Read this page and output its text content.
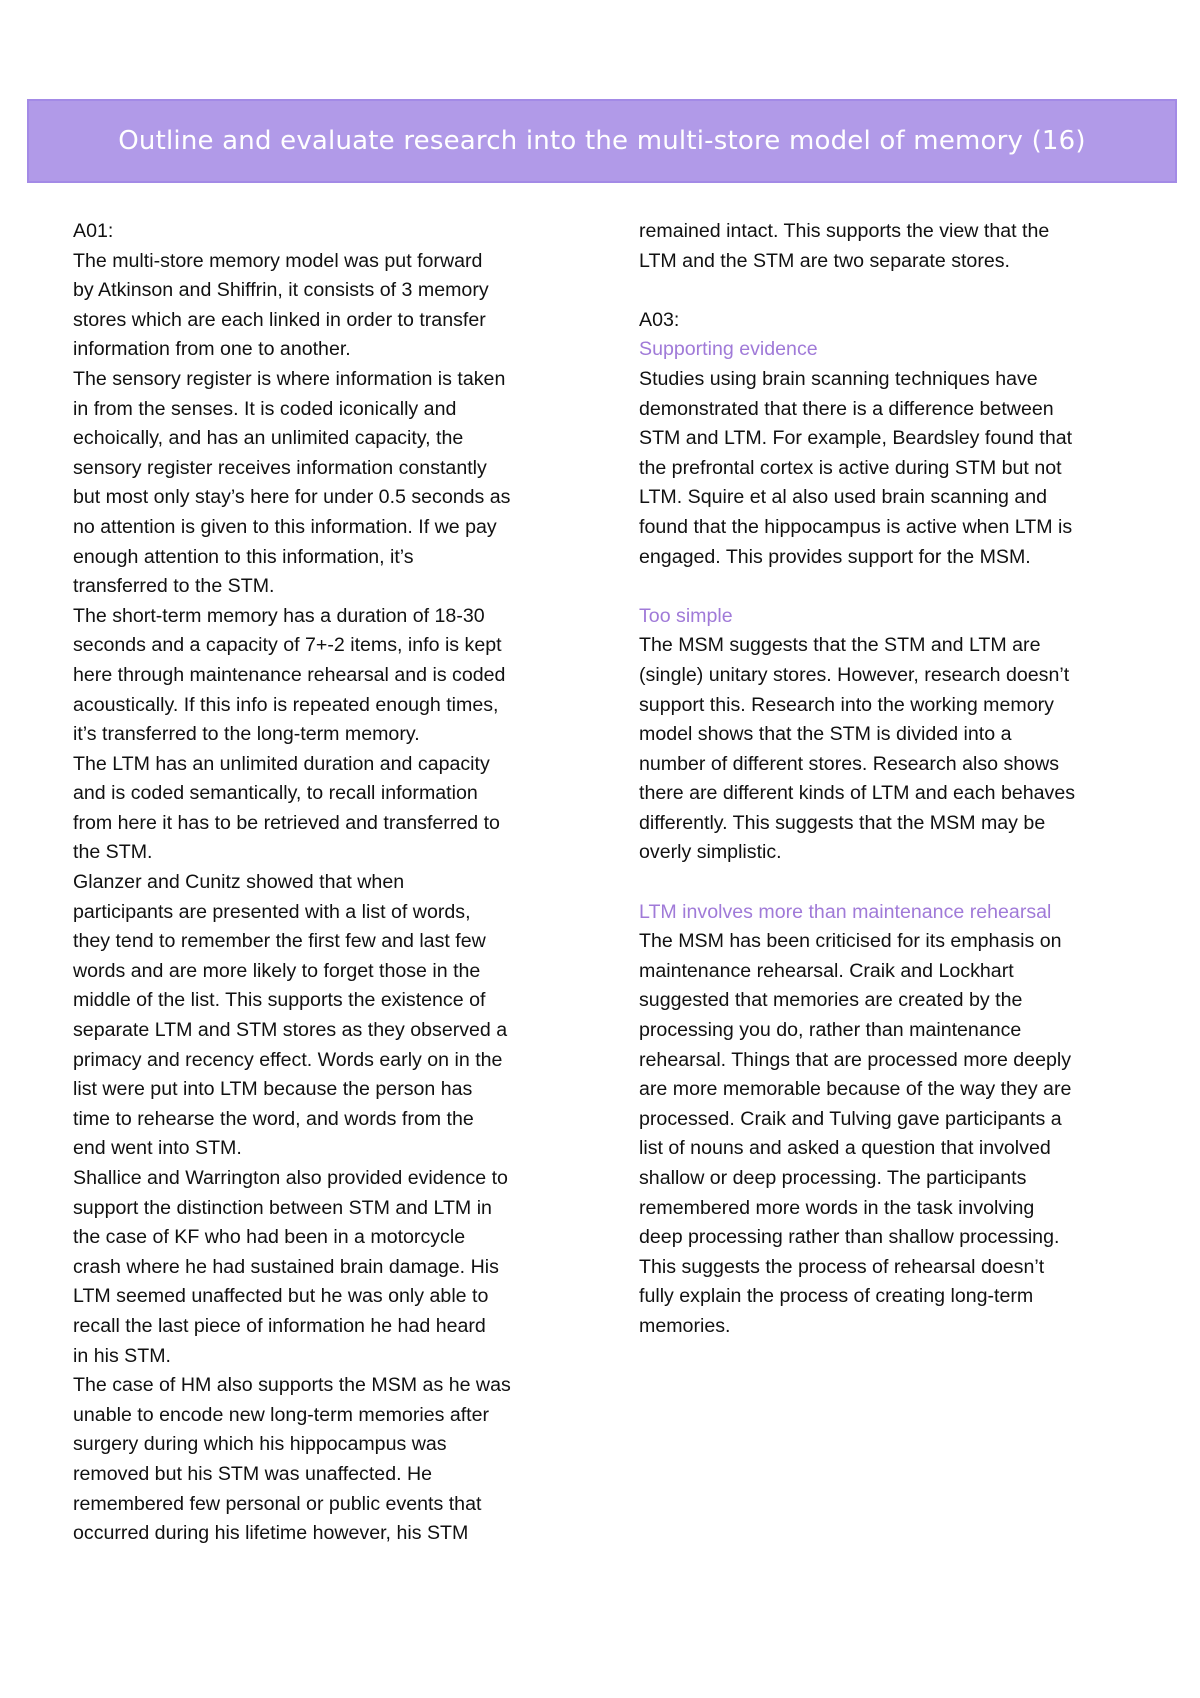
Outline and evaluate research into the multi-store model of memory (16)

A01:

The multi-store memory model was put forward

by Atkinson and Shiffrin, it consists of 3 memory

stores which are each linked in order to transfer

information from one to another.

The sensory register is where information is taken

in from the senses. It is coded iconically and

echoically, and has an unlimited capacity, the

sensory register receives information constantly

but most only stay’s here for under 0.5 seconds as

no attention is given to this information. If we pay

enough attention to this information, it’s

transferred to the STM.

The short-term memory has a duration of 18-30

seconds and a capacity of 7+-2 items, info is kept

here through maintenance rehearsal and is coded

acoustically. If this info is repeated enough times,

it’s transferred to the long-term memory.

The LTM has an unlimited duration and capacity

and is coded semantically, to recall information

from here it has to be retrieved and transferred to

the STM.

Glanzer and Cunitz showed that when

participants are presented with a list of words,

they tend to remember the first few and last few

words and are more likely to forget those in the

middle of the list. This supports the existence of

separate LTM and STM stores as they observed a

primacy and recency effect. Words early on in the

list were put into LTM because the person has

time to rehearse the word, and words from the

end went into STM.

Shallice and Warrington also provided evidence to

support the distinction between STM and LTM in

the case of KF who had been in a motorcycle

crash where he had sustained brain damage. His

LTM seemed unaffected but he was only able to

recall the last piece of information he had heard

in his STM.

The case of HM also supports the MSM as he was

unable to encode new long-term memories after

surgery during which his hippocampus was

removed but his STM was unaffected. He

remembered few personal or public events that

occurred during his lifetime however, his STM

remained intact. This supports the view that the

LTM and the STM are two separate stores.

A03:

Supporting evidence

Studies using brain scanning techniques have

demonstrated that there is a difference between

STM and LTM. For example, Beardsley found that

the prefrontal cortex is active during STM but not

LTM. Squire et al also used brain scanning and

found that the hippocampus is active when LTM is

engaged. This provides support for the MSM.

Too simple

The MSM suggests that the STM and LTM are

(single) unitary stores. However, research doesn’t

support this. Research into the working memory

model shows that the STM is divided into a

number of different stores. Research also shows

there are different kinds of LTM and each behaves

differently. This suggests that the MSM may be

overly simplistic.

LTM involves more than maintenance rehearsal

The MSM has been criticised for its emphasis on

maintenance rehearsal. Craik and Lockhart

suggested that memories are created by the

processing you do, rather than maintenance

rehearsal. Things that are processed more deeply

are more memorable because of the way they are

processed. Craik and Tulving gave participants a

list of nouns and asked a question that involved

shallow or deep processing. The participants

remembered more words in the task involving

deep processing rather than shallow processing.

This suggests the process of rehearsal doesn’t

fully explain the process of creating long-term

memories.
